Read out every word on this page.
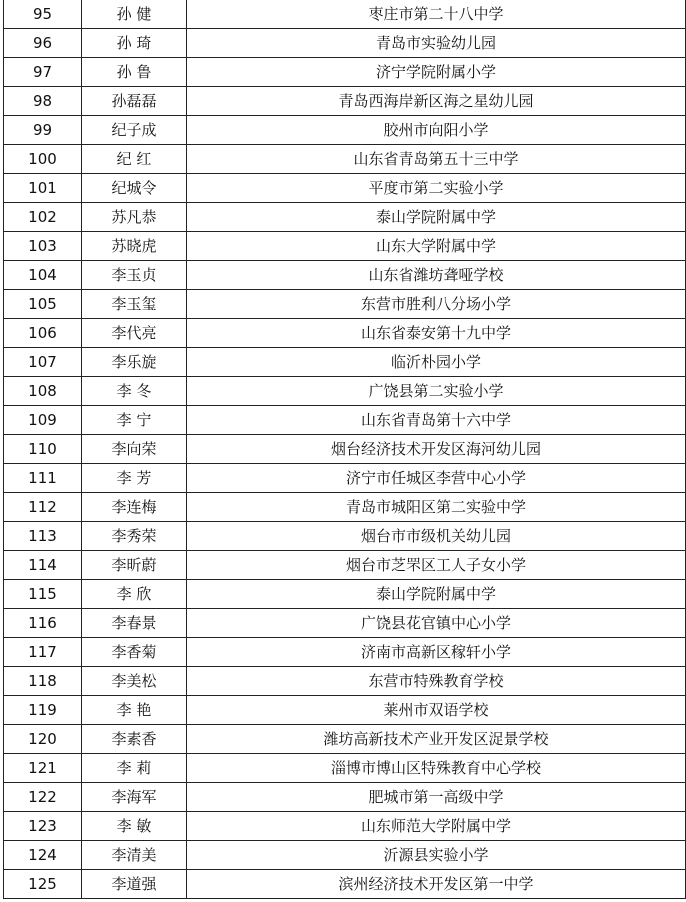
95	孙 健	枣庄市第二十八中学
96	孙 琦	青岛市实验幼儿园
97	孙 鲁	济宁学院附属小学
98	孙磊磊	青岛西海岸新区海之星幼儿园
99	纪子成	胶州市向阳小学
100	纪 红	山东省青岛第五十三中学
101	纪城令	平度市第二实验小学
102	苏凡恭	泰山学院附属中学
103	苏晓虎	山东大学附属中学
104	李玉贞	山东省潍坊聋哑学校
105	李玉玺	东营市胜利八分场小学
106	李代亮	山东省泰安第十九中学
107	李乐旋	临沂朴园小学
108	李 冬	广饶县第二实验小学
109	李 宁	山东省青岛第十六中学
110	李向荣	烟台经济技术开发区海河幼儿园
111	李 芳	济宁市任城区李营中心小学
112	李连梅	青岛市城阳区第二实验中学
113	李秀荣	烟台市市级机关幼儿园
114	李昕蔚	烟台市芝罘区工人子女小学
115	李 欣	泰山学院附属中学
116	李春景	广饶县花官镇中心小学
117	李香菊	济南市高新区稼轩小学
118	李美松	东营市特殊教育学校
119	李 艳	莱州市双语学校
120	李素香	潍坊高新技术产业开发区浞景学校
121	李 莉	淄博市博山区特殊教育中心学校
122	李海军	肥城市第一高级中学
123	李 敏	山东师范大学附属中学
124	李清美	沂源县实验小学
125	李道强	滨州经济技术开发区第一中学
